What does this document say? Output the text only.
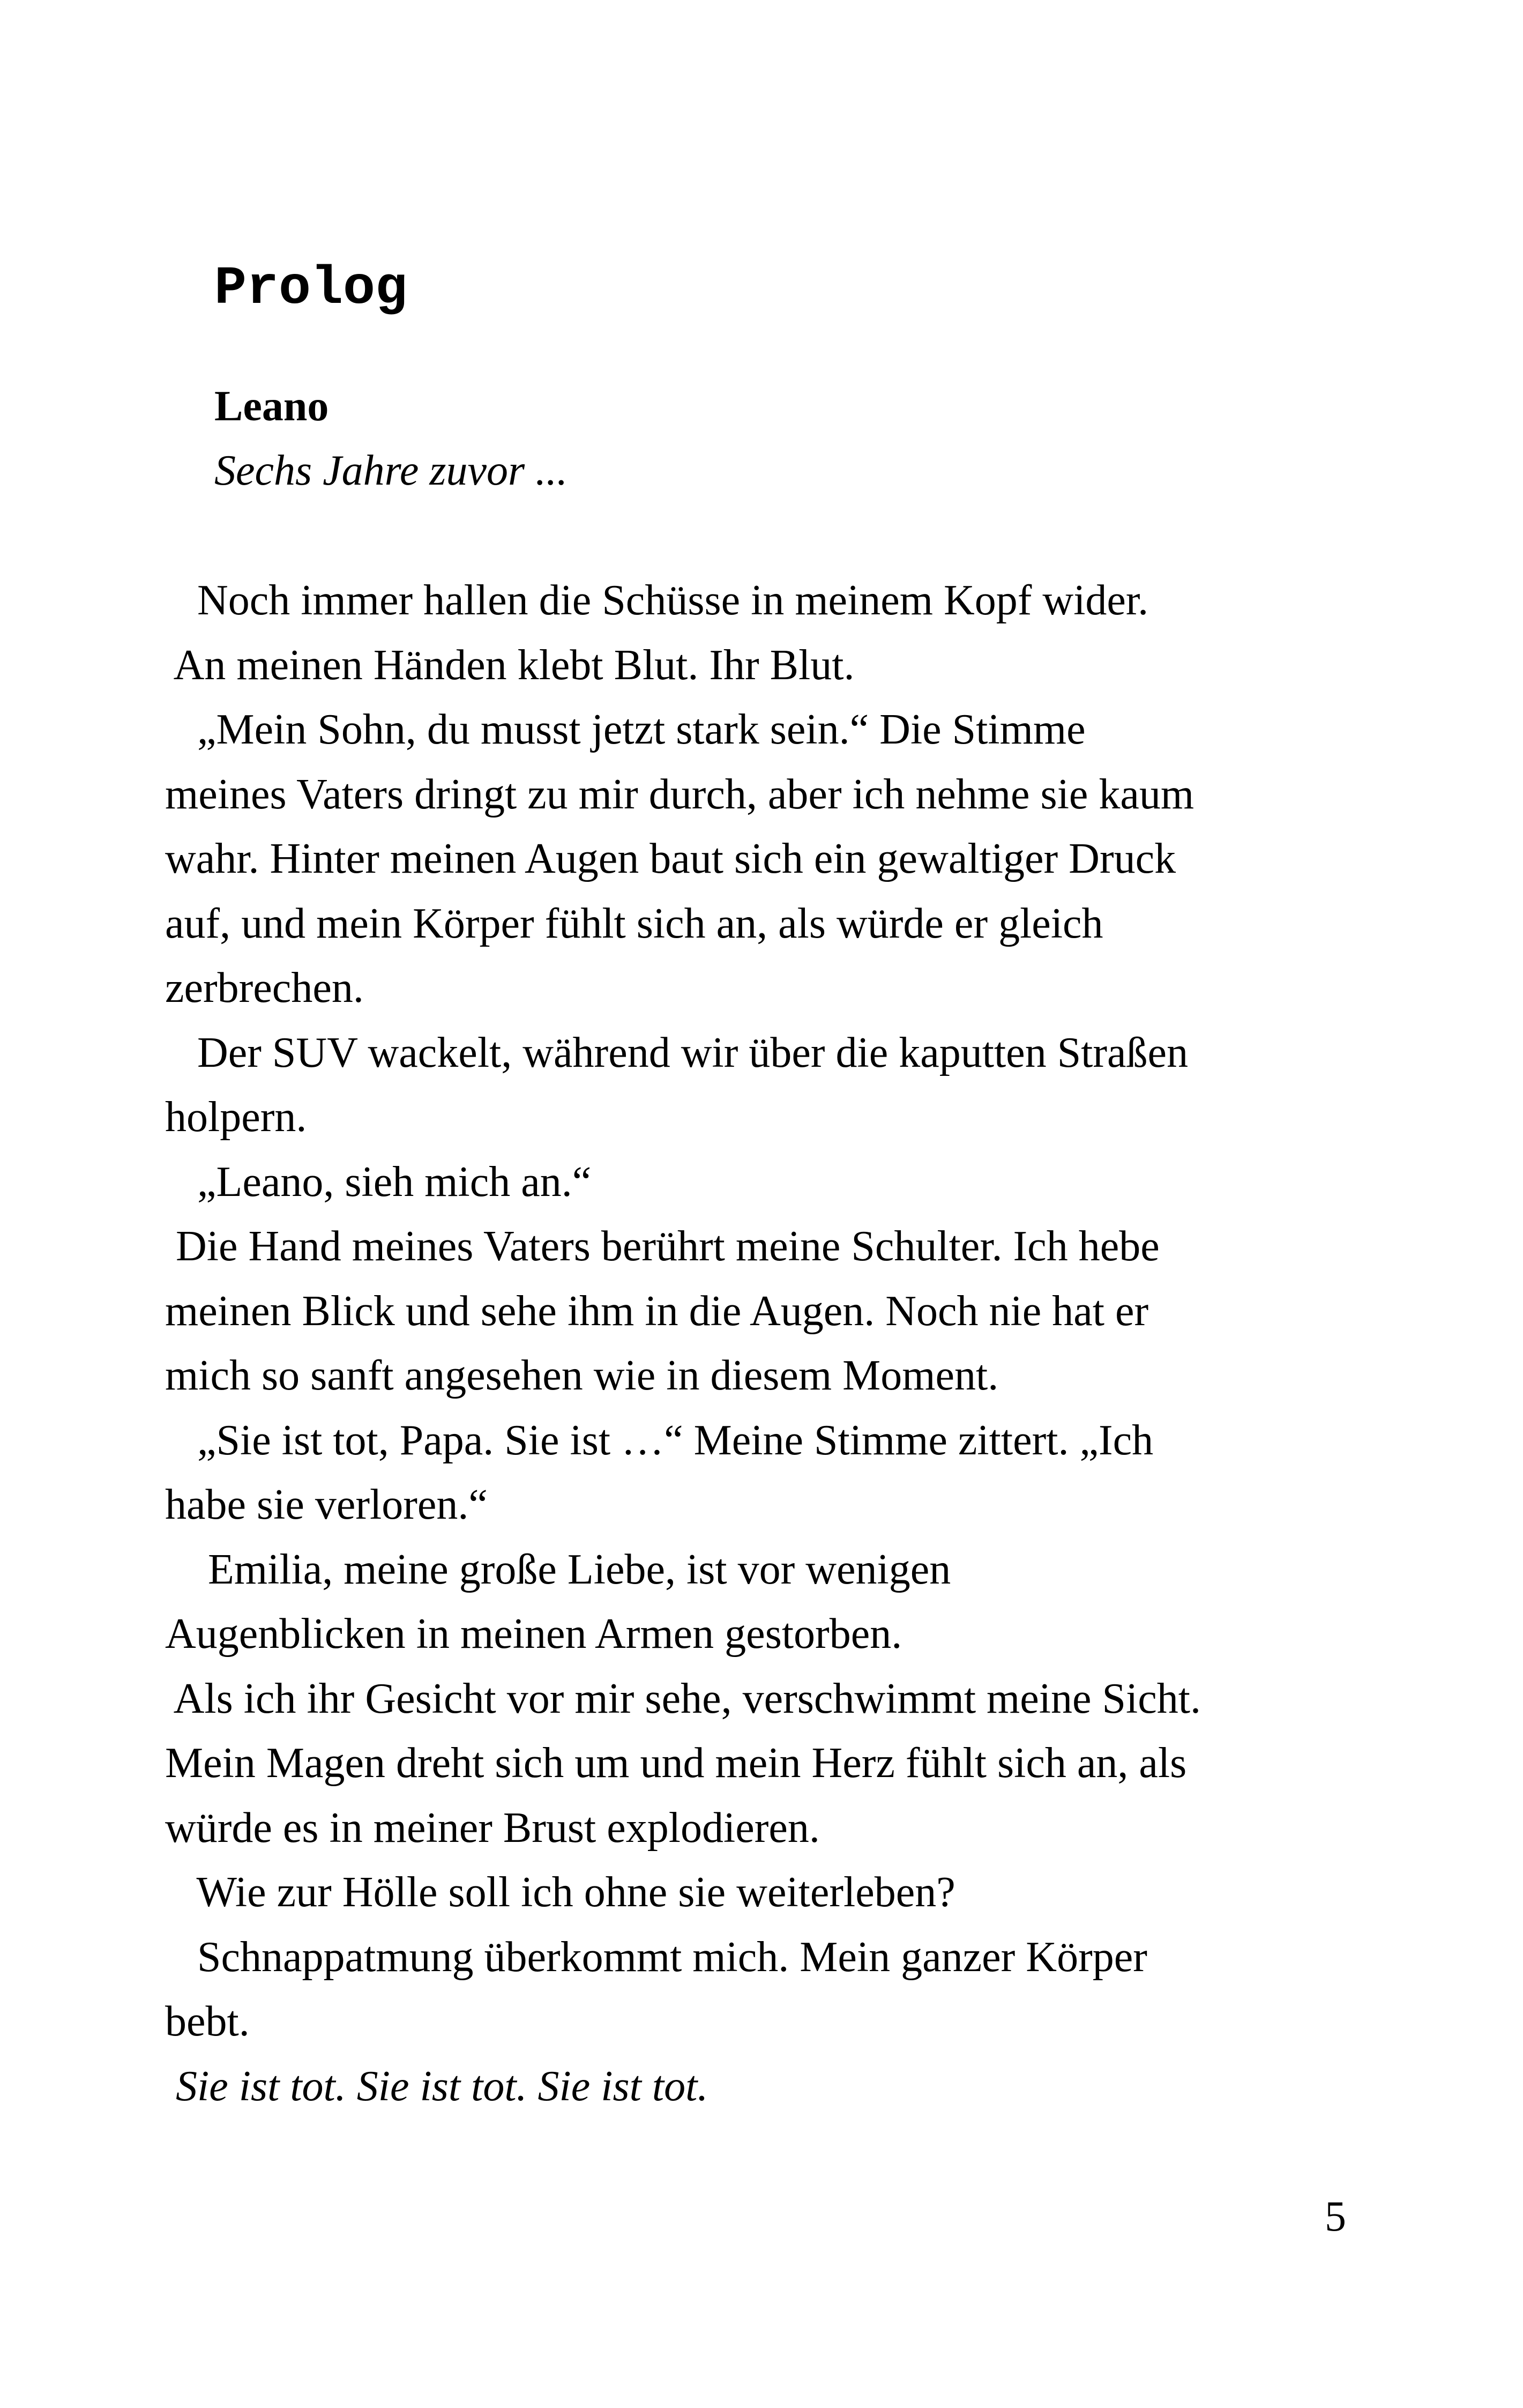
Prolog
Leano
Sechs Jahre zuvor ...
Noch immer hallen die Schüsse in meinem Kopf wider.
An meinen Händen klebt Blut. Ihr Blut.
„Mein Sohn, du musst jetzt stark sein.“ Die Stimme
meines Vaters dringt zu mir durch, aber ich nehme sie kaum
wahr. Hinter meinen Augen baut sich ein gewaltiger Druck
auf, und mein Körper fühlt sich an, als würde er gleich
zerbrechen.
Der SUV wackelt, während wir über die kaputten Straßen
holpern.
„Leano, sieh mich an.“
Die Hand meines Vaters berührt meine Schulter. Ich hebe
meinen Blick und sehe ihm in die Augen. Noch nie hat er
mich so sanft angesehen wie in diesem Moment.
„Sie ist tot, Papa. Sie ist …“ Meine Stimme zittert. „Ich
habe sie verloren.“
Emilia, meine große Liebe, ist vor wenigen
Augenblicken in meinen Armen gestorben.
Als ich ihr Gesicht vor mir sehe, verschwimmt meine Sicht.
Mein Magen dreht sich um und mein Herz fühlt sich an, als
würde es in meiner Brust explodieren.
Wie zur Hölle soll ich ohne sie weiterleben?
Schnappatmung überkommt mich. Mein ganzer Körper
bebt.
Sie ist tot. Sie ist tot. Sie ist tot.
5
